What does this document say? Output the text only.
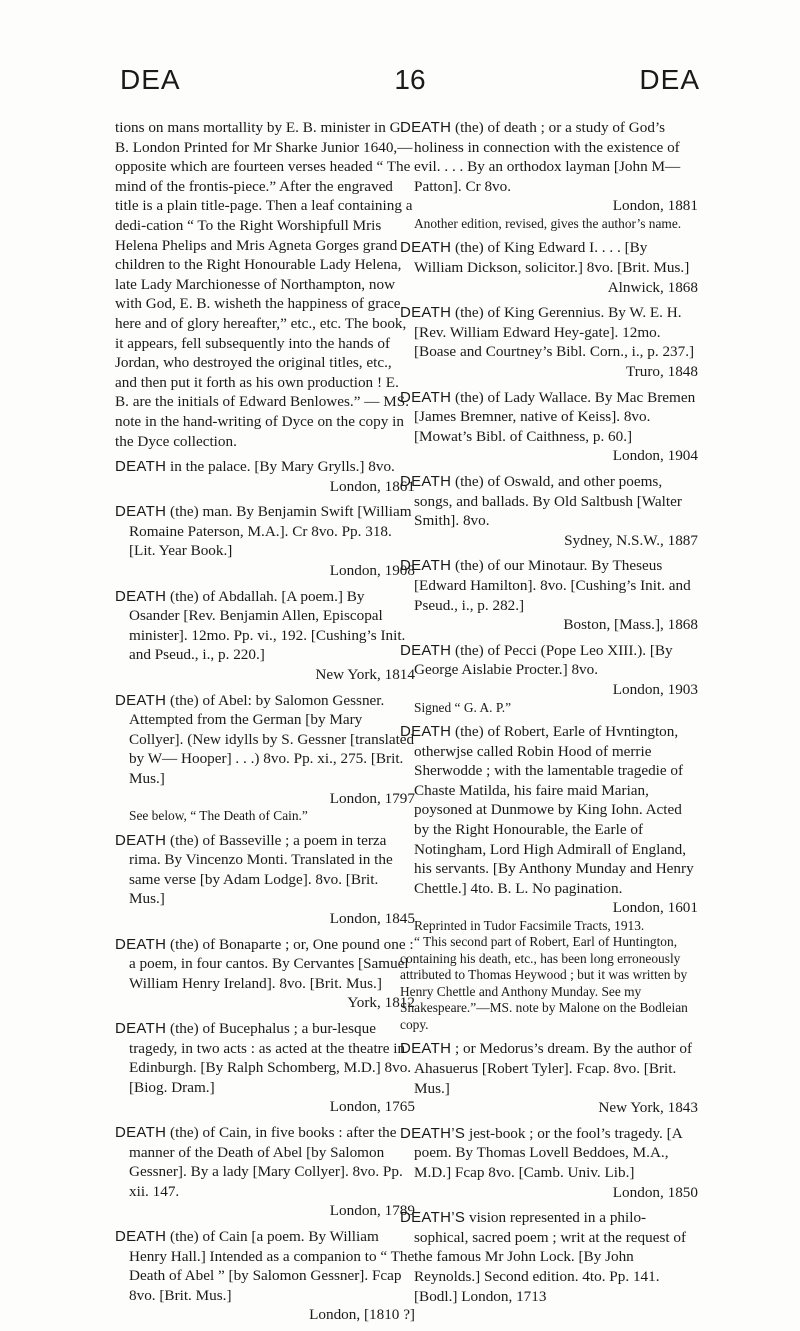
DEA	16	DEA
tions on mans mortallity by E. B. minister in G. B. London Printed for Mr Sharke Junior 1640,—opposite which are fourteen verses headed “ The mind of the frontis-piece.” After the engraved title is a plain title-page. Then a leaf containing a dedi-cation “ To the Right Worshipfull Mris Helena Phelips and Mris Agneta Gorges grand children to the Right Honourable Lady Helena, late Lady Marchionesse of Northampton, now with God, E. B. wisheth the happiness of grace here and of glory hereafter,” etc., etc. The book, it appears, fell subsequently into the hands of Jordan, who destroyed the original titles, etc., and then put it forth as his own production ! E. B. are the initials of Edward Benlowes.” — MS. note in the hand-writing of Dyce on the copy in the Dyce collection.
DEATH in the palace. [By Mary Grylls.] 8vo.
London, 1861
DEATH (the) man. By Benjamin Swift [William Romaine Paterson, M.A.]. Cr 8vo. Pp. 318. [Lit. Year Book.]
London, 1908
DEATH (the) of Abdallah. [A poem.] By Osander [Rev. Benjamin Allen, Episcopal minister]. 12mo. Pp. vi., 192. [Cushing’s Init. and Pseud., i., p. 220.]
New York, 1814
DEATH (the) of Abel: by Salomon Gessner. Attempted from the German [by Mary Collyer]. (New idylls by S. Gessner [translated by W— Hooper] . . .) 8vo. Pp. xi., 275. [Brit. Mus.]
London, 1797
See below, “ The Death of Cain.”
DEATH (the) of Basseville ; a poem in terza rima. By Vincenzo Monti. Translated in the same verse [by Adam Lodge]. 8vo. [Brit. Mus.]
London, 1845
DEATH (the) of Bonaparte ; or, One pound one : a poem, in four cantos. By Cervantes [Samuel William Henry Ireland]. 8vo. [Brit. Mus.]
York, 1812
DEATH (the) of Bucephalus ; a bur-lesque tragedy, in two acts : as acted at the theatre in Edinburgh. [By Ralph Schomberg, M.D.] 8vo. [Biog. Dram.]
London, 1765
DEATH (the) of Cain, in five books : after the manner of the Death of Abel [by Salomon Gessner]. By a lady [Mary Collyer]. 8vo. Pp. xii. 147.
London, 1789
DEATH (the) of Cain [a poem. By William Henry Hall.] Intended as a companion to “ The Death of Abel ” [by Salomon Gessner]. Fcap 8vo. [Brit. Mus.]
London, [1810 ?]
DEATH (the) of death ; or a study of God’s holiness in connection with the existence of evil. . . . By an orthodox layman [John M— Patton]. Cr 8vo.
London, 1881
Another edition, revised, gives the author’s name.
DEATH (the) of King Edward I. . . . [By William Dickson, solicitor.] 8vo. [Brit. Mus.]
Alnwick, 1868
DEATH (the) of King Gerennius. By W. E. H. [Rev. William Edward Hey-gate]. 12mo. [Boase and Courtney’s Bibl. Corn., i., p. 237.]
Truro, 1848
DEATH (the) of Lady Wallace. By Mac Bremen [James Bremner, native of Keiss]. 8vo. [Mowat’s Bibl. of Caithness, p. 60.]
London, 1904
DEATH (the) of Oswald, and other poems, songs, and ballads. By Old Saltbush [Walter Smith]. 8vo.
Sydney, N.S.W., 1887
DEATH (the) of our Minotaur. By Theseus [Edward Hamilton]. 8vo. [Cushing’s Init. and Pseud., i., p. 282.]
Boston, [Mass.], 1868
DEATH (the) of Pecci (Pope Leo XIII.). [By George Aislabie Procter.] 8vo.
London, 1903
Signed “ G. A. P.”
DEATH (the) of Robert, Earle of Hvntington, otherwjse called Robin Hood of merrie Sherwodde ; with the lamentable tragedie of Chaste Matilda, his faire maid Marian, poysoned at Dunmowe by King Iohn. Acted by the Right Honourable, the Earle of Notingham, Lord High Admirall of England, his servants. [By Anthony Munday and Henry Chettle.] 4to. B. L. No pagination.
London, 1601
Reprinted in Tudor Facsimile Tracts, 1913.
“ This second part of Robert, Earl of Huntington, containing his death, etc., has been long erroneously attributed to Thomas Heywood ; but it was written by Henry Chettle and Anthony Munday. See my Shakespeare.”—MS. note by Malone on the Bodleian copy.
DEATH ; or Medorus’s dream. By the author of Ahasuerus [Robert Tyler]. Fcap. 8vo. [Brit. Mus.]
New York, 1843
DEATH’S jest-book ; or the fool’s tragedy. [A poem. By Thomas Lovell Beddoes, M.A., M.D.] Fcap 8vo. [Camb. Univ. Lib.]
London, 1850
DEATH’S vision represented in a philo-sophical, sacred poem ; writ at the request of the famous Mr John Lock. [By John Reynolds.] Second edition. 4to. Pp. 141. [Bodl.] London, 1713
